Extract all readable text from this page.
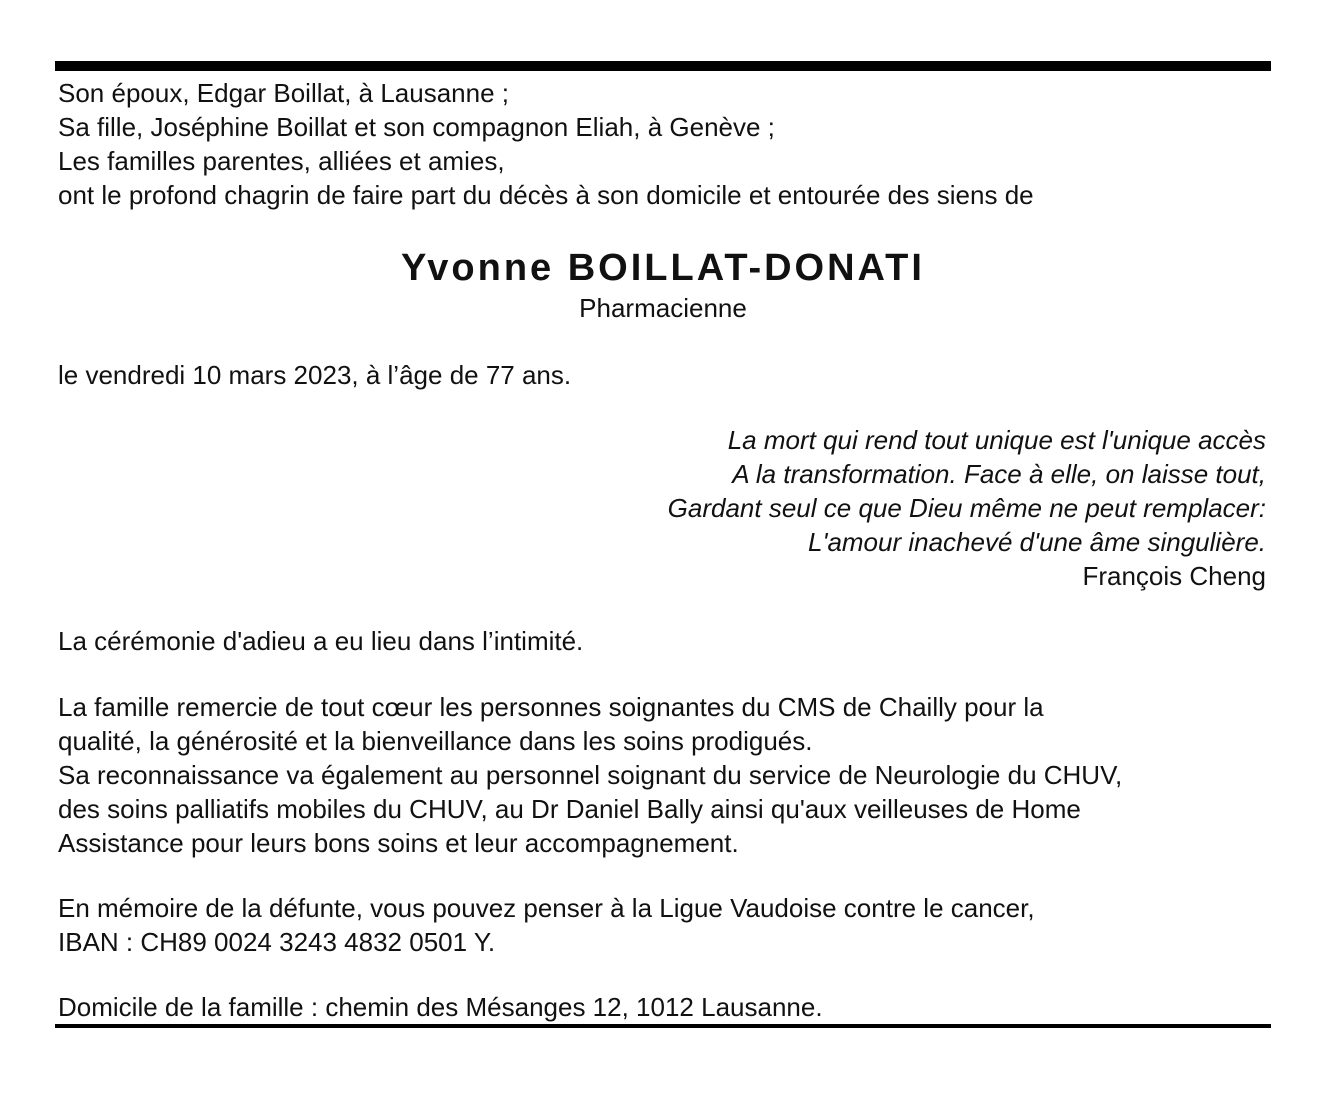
Son époux, Edgar Boillat, à Lausanne ;
Sa fille, Joséphine Boillat et son compagnon Eliah, à Genève ;
Les familles parentes, alliées et amies,
ont le profond chagrin de faire part du décès à son domicile et entourée des siens de
Yvonne BOILLAT-DONATI
Pharmacienne
le vendredi 10 mars 2023, à l’âge de 77 ans.
La mort qui rend tout unique est l'unique accès
A la transformation. Face à elle, on laisse tout,
Gardant seul ce que Dieu même ne peut remplacer:
L'amour inachevé d'une âme singulière.
François Cheng
La cérémonie d'adieu a eu lieu dans l’intimité.
La famille remercie de tout cœur les personnes soignantes du CMS de Chailly pour la
qualité, la générosité et la bienveillance dans les soins prodigués.
Sa reconnaissance va également au personnel soignant du service de Neurologie du CHUV,
des soins palliatifs mobiles du CHUV, au Dr Daniel Bally ainsi qu'aux veilleuses de Home
Assistance pour leurs bons soins et leur accompagnement.
En mémoire de la défunte, vous pouvez penser à la Ligue Vaudoise contre le cancer,
IBAN : CH89 0024 3243 4832 0501 Y.
Domicile de la famille : chemin des Mésanges 12, 1012 Lausanne.
